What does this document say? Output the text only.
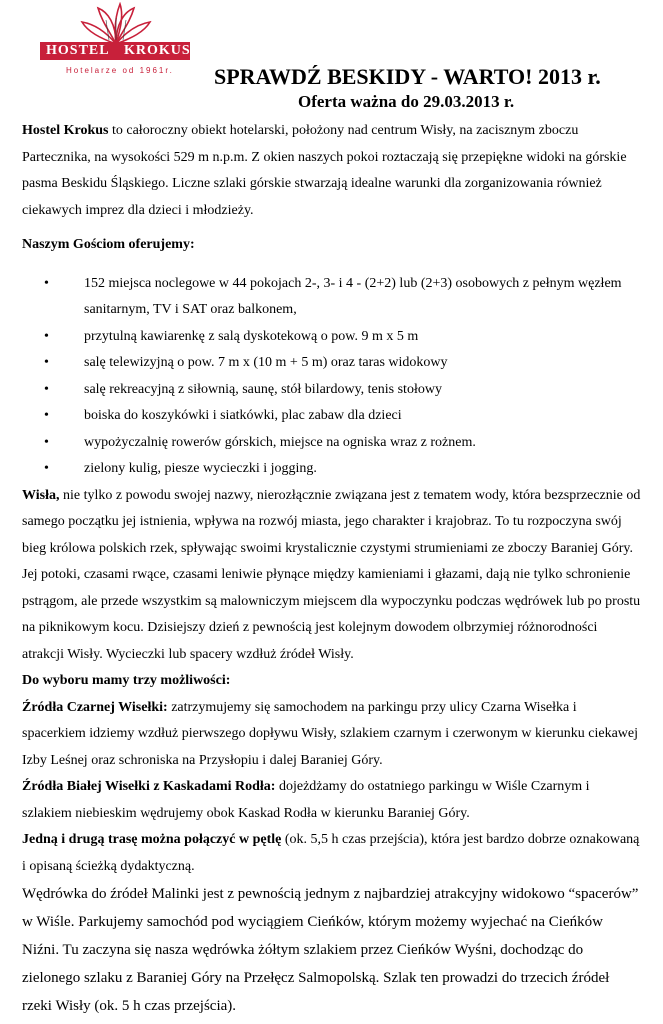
HOSTEL KROKUS
Hotelarze od 1961r. SPRAWDŹ BESKIDY - WARTO! 2013 r.
Oferta ważna do 29.03.2013 r.

Hostel Krokus to całoroczny obiekt hotelarski, położony nad centrum Wisły, na zacisznym zboczu Partecznika, na wysokości 529 m n.p.m. Z okien naszych pokoi roztaczają się przepiękne widoki na górskie pasma Beskidu Śląskiego. Liczne szlaki górskie stwarzają idealne warunki dla zorganizowania również ciekawych imprez dla dzieci i młodzieży.

Naszym Gościom oferujemy:

•	152 miejsca noclegowe w 44 pokojach 2-, 3- i 4 - (2+2) lub (2+3) osobowych z pełnym węzłem sanitarnym, TV i SAT oraz balkonem,
•	przytulną kawiarenkę z salą dyskotekową o pow. 9 m x 5 m
•	salę telewizyjną o pow. 7 m x (10 m + 5 m) oraz taras widokowy
•	salę rekreacyjną z siłownią, saunę, stół bilardowy, tenis stołowy
•	boiska do koszykówki i siatkówki, plac zabaw dla dzieci
•	wypożyczalnię rowerów górskich, miejsce na ogniska wraz z rożnem.
•	zielony kulig, piesze wycieczki i jogging.

Wisła, nie tylko z powodu swojej nazwy, nierozłącznie związana jest z tematem wody, która bezsprzecznie od samego początku jej istnienia, wpływa na rozwój miasta, jego charakter i krajobraz. To tu rozpoczyna swój bieg królowa polskich rzek, spływając swoimi krystalicznie czystymi strumieniami ze zboczy Baraniej Góry. Jej potoki, czasami rwące, czasami leniwie płynące między kamieniami i głazami, dają nie tylko schronienie pstrągom, ale przede wszystkim są malowniczym miejscem dla wypoczynku podczas wędrówek lub po prostu na piknikowym kocu. Dzisiejszy dzień z pewnością jest kolejnym dowodem olbrzymiej różnorodności atrakcji Wisły. Wycieczki lub spacery wzdłuż źródeł Wisły.

Do wyboru mamy trzy możliwości:

Źródła Czarnej Wisełki: zatrzymujemy się samochodem na parkingu przy ulicy Czarna Wisełka i spacerkiem idziemy wzdłuż pierwszego dopływu Wisły, szlakiem czarnym i czerwonym w kierunku ciekawej Izby Leśnej oraz schroniska na Przysłopiu i dalej Baraniej Góry.

Źródła Białej Wisełki z Kaskadami Rodła: dojeżdżamy do ostatniego parkingu w Wiśle Czarnym i szlakiem niebieskim wędrujemy obok Kaskad Rodła w kierunku Baraniej Góry.

Jedną i drugą trasę można połączyć w pętlę (ok. 5,5 h czas przejścia), która jest bardzo dobrze oznakowaną i opisaną ścieżką dydaktyczną.

Wędrówka do źródeł Malinki jest z pewnością jednym z najbardziej atrakcyjny widokowo “spacerów” w Wiśle. Parkujemy samochód pod wyciągiem Cieńków, którym możemy wyjechać na Cieńków Niźni. Tu zaczyna się nasza wędrówka żółtym szlakiem przez Cieńków Wyśni, dochodząc do zielonego szlaku z Baraniej Góry na Przełęcz Salmopolską. Szlak ten prowadzi do trzecich źródeł rzeki Wisły (ok. 5 h czas przejścia).
